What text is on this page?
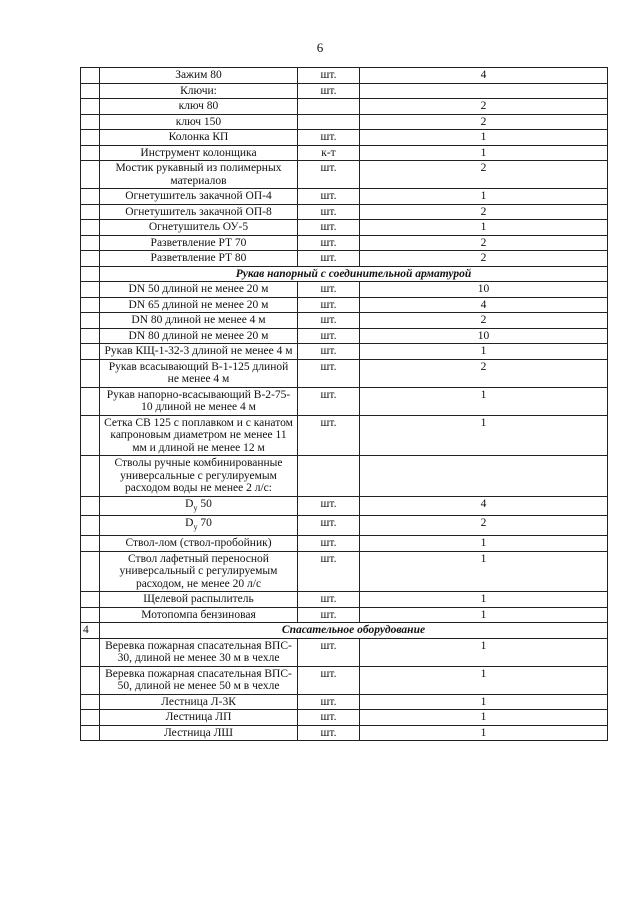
6
	Зажим 80	шт.	4
	Ключи:	шт.	
	ключ 80		2
	ключ 150		2
	Колонка КП	шт.	1
	Инструмент колонщика	к-т	1
	Мостик рукавный из полимерных материалов	шт.	2
	Огнетушитель закачной ОП-4	шт.	1
	Огнетушитель закачной ОП-8	шт.	2
	Огнетушитель ОУ-5	шт.	1
	Разветвление РТ 70	шт.	2
	Разветвление РТ 80	шт.	2
	Рукав напорный с соединительной арматурой		
	DN 50 длиной не менее 20 м	шт.	10
	DN 65 длиной не менее 20 м	шт.	4
	DN 80 длиной не менее 4 м	шт.	2
	DN 80 длиной не менее 20 м	шт.	10
	Рукав КЩ-1-32-3 длиной не менее 4 м	шт.	1
	Рукав всасывающий В-1-125 длиной не менее 4 м	шт.	2
	Рукав напорно-всасывающий В-2-75- 10 длиной не менее 4 м	шт.	1
	Сетка СВ 125 с поплавком и с канатом капроновым диаметром не менее 11 мм и длиной не менее 12 м	шт.	1
	Стволы ручные комбинированные универсальные с регулируемым расходом воды не менее 2 л/с:		
	$D_у$ 50	шт.	4
	$D_у$ 70	шт.	2
	Ствол-лом (ствол-пробойник)	шт.	1
	Ствол лафетный переносной универсальный с регулируемым расходом, не менее 20 л/с	шт.	1
	Щелевой распылитель	шт.	1
	Мотопомпа бензиновая	шт.	1
4	Спасательное оборудование		
	Веревка пожарная спасательная ВПС- 30, длиной не менее 30 м в чехле	шт.	1
	Веревка пожарная спасательная ВПС- 50, длиной не менее 50 м в чехле	шт.	1
	Лестница Л-3К	шт.	1
	Лестница ЛП	шт.	1
	Лестница ЛШ	шт.	1
